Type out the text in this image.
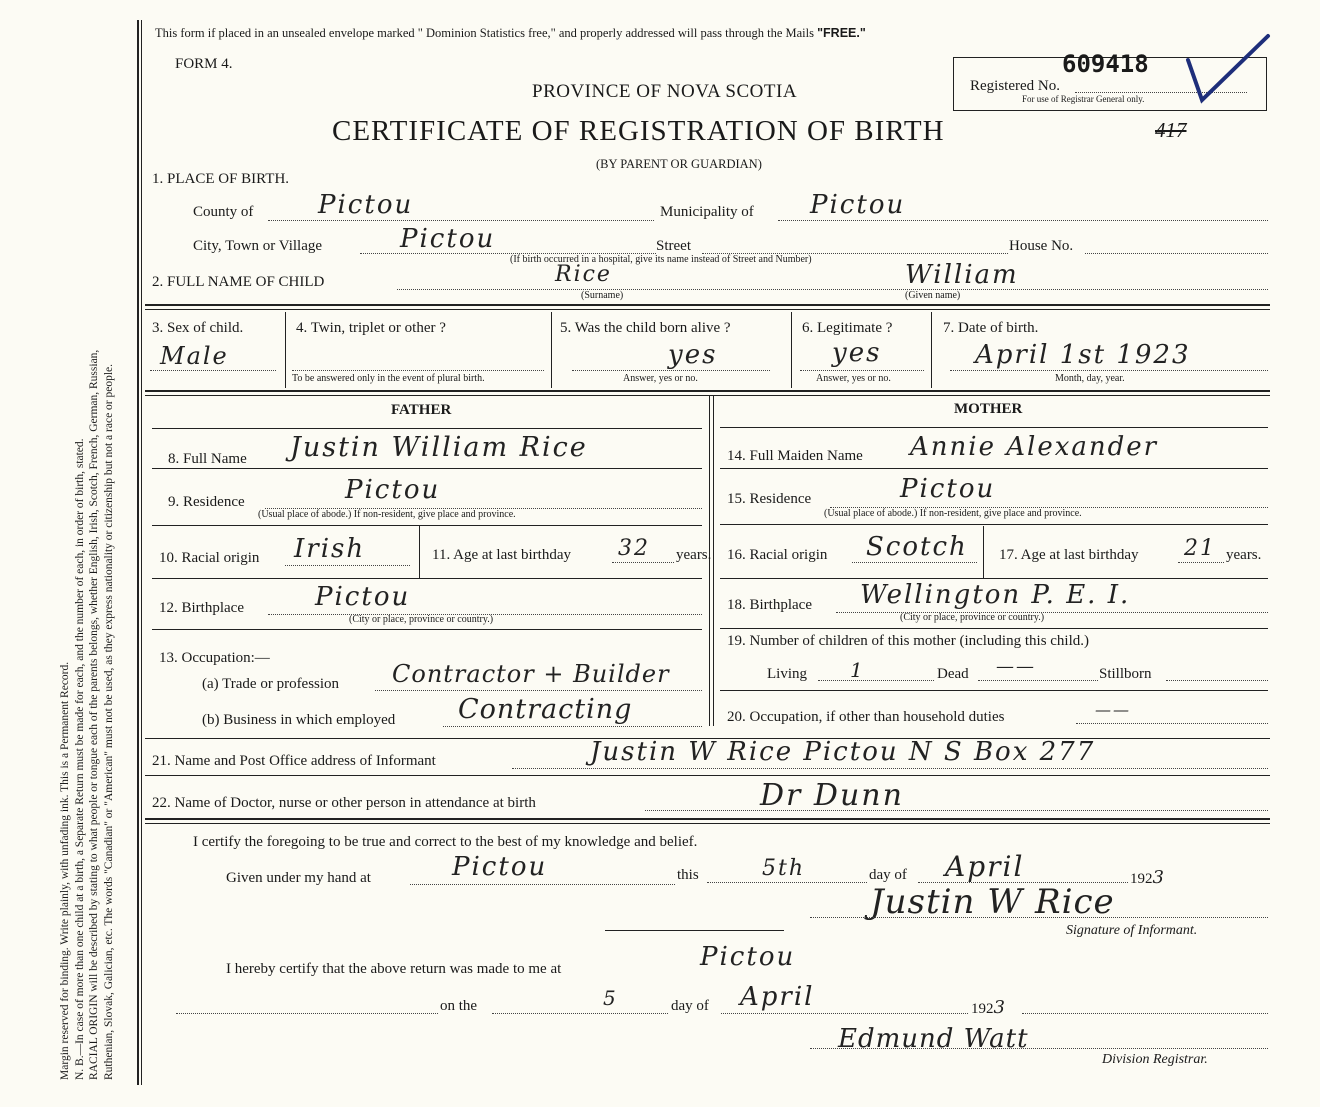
Margin reserved for binding. Write plainly, with unfading ink. This is a Permanent Record. N. B.—In case of more than one child at a birth, a Separate Return must be made for each, and the number of each, in order of birth, stated. RACIAL ORIGIN will be described by stating to what people or tongue each of the parents belongs, whether English, Irish, Scotch, French, German, Russian, Ruthenian, Slovak, Galician, etc. The words "Canadian" or "American" must not be used, as they express nationality or citizenship but not a race or people.
This form if placed in an unsealed envelope marked " Dominion Statistics free," and properly addressed will pass through the Mails "FREE."
FORM 4.
PROVINCE OF NOVA SCOTIA
CERTIFICATE OF REGISTRATION OF BIRTH
(BY PARENT OR GUARDIAN)
Registered No.
609418
For use of Registrar General only.
417
1. PLACE OF BIRTH.
County of Pictou	Municipality of Pictou
City, Town or Village	Pictou	Street	House No.
(If birth occurred in a hospital, give its name instead of Street and Number)
2. FULL NAME OF CHILD	Rice
(Surname)
William
(Given name)
3. Sex of child.
Male
4. Twin, triplet or other ?
To be answered only in the event of plural birth.
5. Was the child born alive ?
yes
Answer, yes or no.
6. Legitimate ?
yes
Answer, yes or no.
7. Date of birth.
April 1st 1923
Month, day, year.
FATHER	MOTHER
8. Full Name Justin William Rice	14. Full Maiden Name Annie Alexander
9. Residence	Pictou
(Usual place of abode.) If non-resident, give place and province.
15. Residence	Pictou
(Usual place of abode.) If non-resident, give place and province.
10. Racial origin Irish	11. Age at last birthday 32 years. 16. Racial origin Scotch 17. Age at last birthday 21 years.
12. Birthplace	Pictou
(City or place, province or country.)
18. Birthplace Wellington P. E. I.
(City or place, province or country.)
13. Occupation:—
(a) Trade or profession Contractor + Builder
(b) Business in which employed Contracting
19. Number of children of this mother (including this child.)
Living 1	Dead ——	Stillborn
20. Occupation, if other than household duties	——
21. Name and Post Office address of Informant	Justin W Rice Pictou N S Box 277
22. Name of Doctor, nurse or other person in attendance at birth	Dr Dunn
I certify the foregoing to be true and correct to the best of my knowledge and belief.
Given under my hand at	Pictou	this	5th	day of April	1923
Justin W Rice
Signature of Informant.
I hereby certify that the above return was made to me at	Pictou
on the	5	day of April	1923
Edmund Watt
Division Registrar.
